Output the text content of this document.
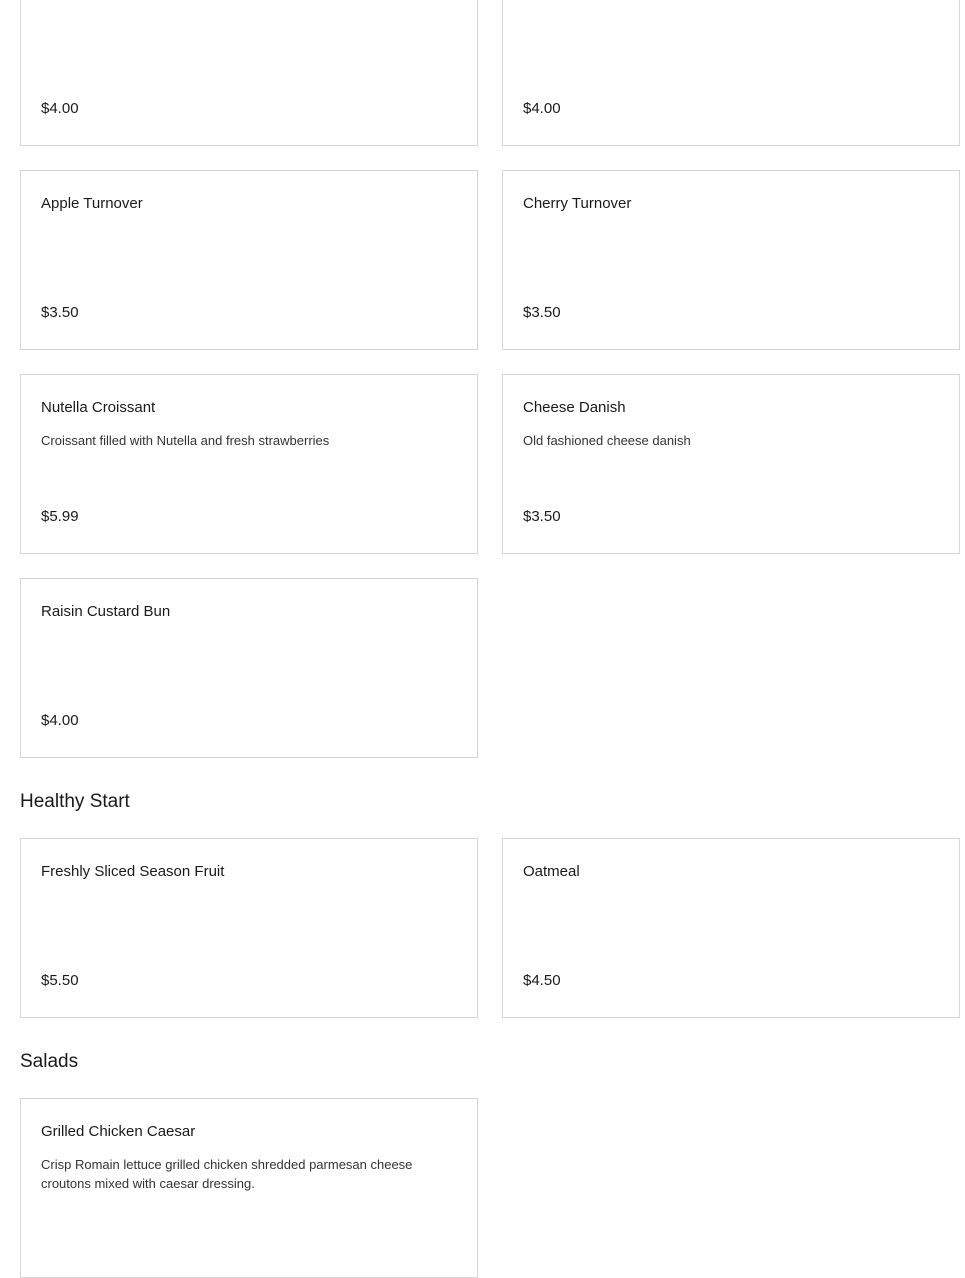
$4.00	$4.00
Apple Turnover
$3.50
Cherry Turnover
$3.50
Nutella Croissant
Croissant filled with Nutella and fresh strawberries
$5.99
Cheese Danish
Old fashioned cheese danish
$3.50
Raisin Custard Bun
$4.00
Healthy Start
Freshly Sliced Season Fruit
$5.50
Oatmeal
$4.50
Salads
Grilled Chicken Caesar
Crisp Romain lettuce grilled chicken shredded parmesan cheese croutons mixed with caesar dressing.
